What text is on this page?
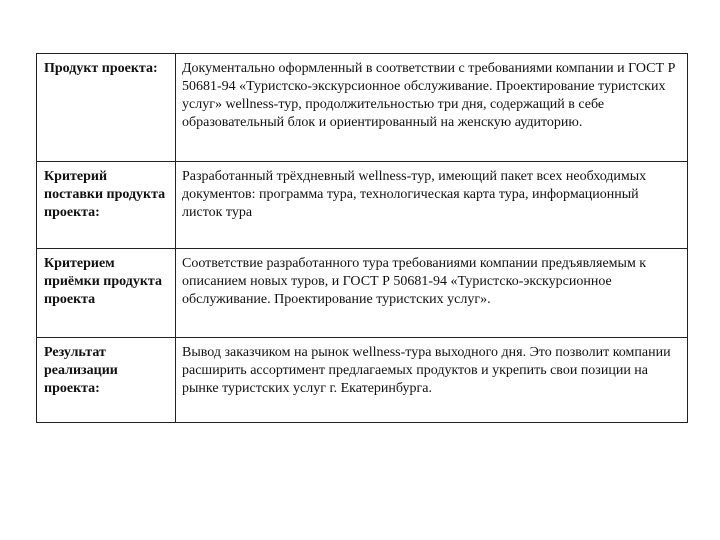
Продукт проекта:	Документально оформленный в соответствии с требованиями компании и ГОСТ Р 50681-94 «Туристско-экскурсионное обслуживание. Проектирование туристских услуг» wellness-тур, продолжительностью три дня, содержащий в себе образовательный блок и ориентированный на женскую аудиторию.
Критерий поставки продукта проекта:	Разработанный трёхдневный wellness-тур, имеющий пакет всех необходимых документов: программа тура, технологическая карта тура, информационный листок тура
Критерием приёмки продукта проекта	Соответствие разработанного тура требованиями компании предъявляемым к описанием новых туров, и ГОСТ Р 50681-94 «Туристско-экскурсионное обслуживание. Проектирование туристских услуг».
Результат реализации проекта:	Вывод заказчиком на рынок wellness-тура выходного дня. Это позволит компании расширить ассортимент предлагаемых продуктов и укрепить свои позиции на рынке туристских услуг г. Екатеринбурга.
